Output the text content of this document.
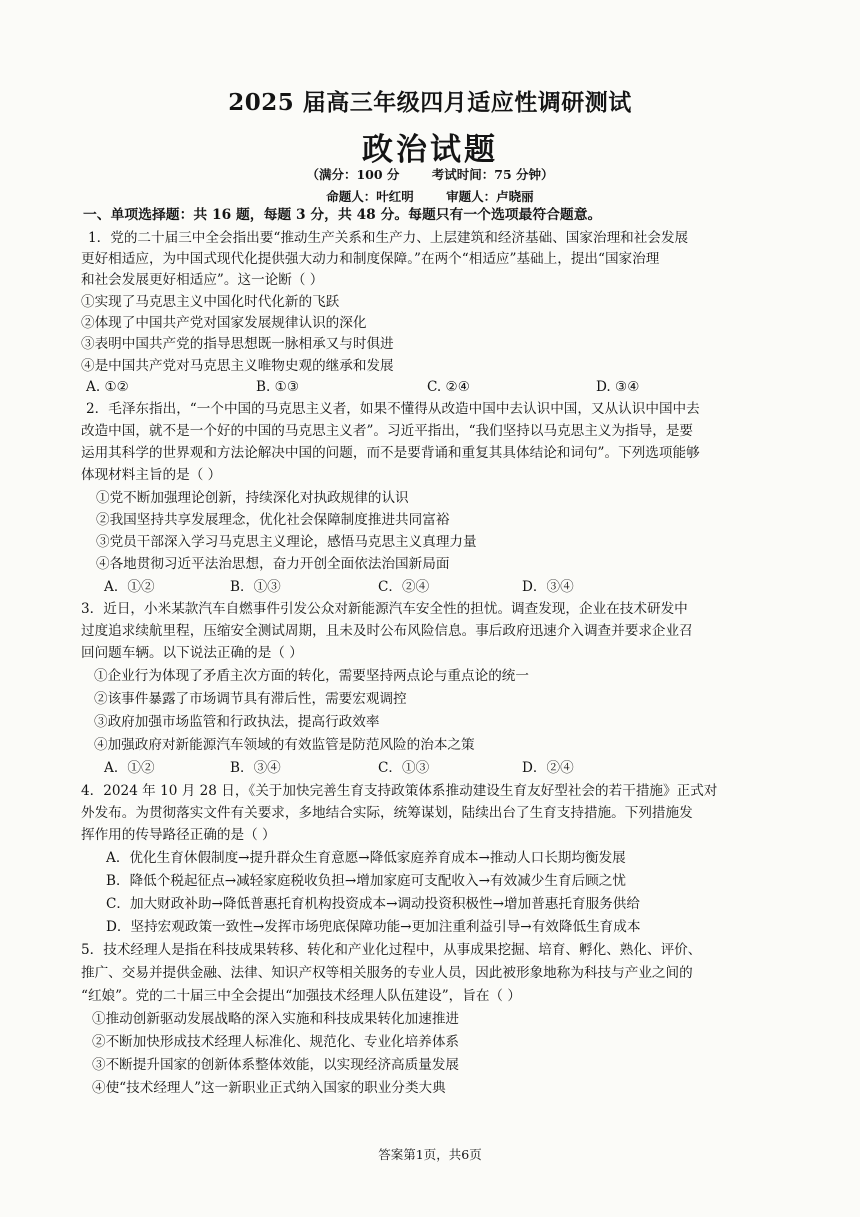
2025 届高三年级四月适应性调研测试
政治试题
（满分：100 分	考试时间：75 分钟）
命题人：叶红明	审题人：卢晓丽
一、单项选择题：共 16 题，每题 3 分，共 48 分。每题只有一个选项最符合题意。
1．党的二十届三中全会指出要“推动生产关系和生产力、上层建筑和经济基础、国家治理和社会发展
更好相适应，为中国式现代化提供强大动力和制度保障。”在两个“相适应”基础上，提出“国家治理
和社会发展更好相适应”。这一论断（ ）
①实现了马克思主义中国化时代化新的飞跃
②体现了中国共产党对国家发展规律认识的深化
③表明中国共产党的指导思想既一脉相承又与时俱进
④是中国共产党对马克思主义唯物史观的继承和发展
A. ①②	B. ①③	C. ②④	D. ③④
2．毛泽东指出，“一个中国的马克思主义者，如果不懂得从改造中国中去认识中国，又从认识中国中去
改造中国，就不是一个好的中国的马克思主义者”。习近平指出，“我们坚持以马克思主义为指导，是要
运用其科学的世界观和方法论解决中国的问题，而不是要背诵和重复其具体结论和词句”。下列选项能够
体现材料主旨的是（ ）
①党不断加强理论创新，持续深化对执政规律的认识
②我国坚持共享发展理念，优化社会保障制度推进共同富裕
③党员干部深入学习马克思主义理论，感悟马克思主义真理力量
④各地贯彻习近平法治思想，奋力开创全面依法治国新局面
A．①②	B．①③	C．②④	D．③④
3．近日，小米某款汽车自燃事件引发公众对新能源汽车安全性的担忧。调查发现，企业在技术研发中
过度追求续航里程，压缩安全测试周期，且未及时公布风险信息。事后政府迅速介入调查并要求企业召
回问题车辆。以下说法正确的是（ ）
①企业行为体现了矛盾主次方面的转化，需要坚持两点论与重点论的统一
②该事件暴露了市场调节具有滞后性，需要宏观调控
③政府加强市场监管和行政执法，提高行政效率
④加强政府对新能源汽车领域的有效监管是防范风险的治本之策
A．①②	B．③④	C．①③	D．②④
4．2024 年 10 月 28 日，《关于加快完善生育支持政策体系推动建设生育友好型社会的若干措施》正式对
外发布。为贯彻落实文件有关要求，多地结合实际，统筹谋划，陆续出台了生育支持措施。下列措施发
挥作用的传导路径正确的是（ ）
A．优化生育休假制度→提升群众生育意愿→降低家庭养育成本→推动人口长期均衡发展
B．降低个税起征点→减轻家庭税收负担→增加家庭可支配收入→有效减少生育后顾之忧
C．加大财政补助→降低普惠托育机构投资成本→调动投资积极性→增加普惠托育服务供给
D．坚持宏观政策一致性→发挥市场兜底保障功能→更加注重利益引导→有效降低生育成本
5．技术经理人是指在科技成果转移、转化和产业化过程中，从事成果挖掘、培育、孵化、熟化、评价、
推广、交易并提供金融、法律、知识产权等相关服务的专业人员，因此被形象地称为科技与产业之间的
“红娘”。党的二十届三中全会提出“加强技术经理人队伍建设”，旨在（ ）
①推动创新驱动发展战略的深入实施和科技成果转化加速推进
②不断加快形成技术经理人标准化、规范化、专业化培养体系
③不断提升国家的创新体系整体效能，以实现经济高质量发展
④使“技术经理人”这一新职业正式纳入国家的职业分类大典
答案第1页，共6页
